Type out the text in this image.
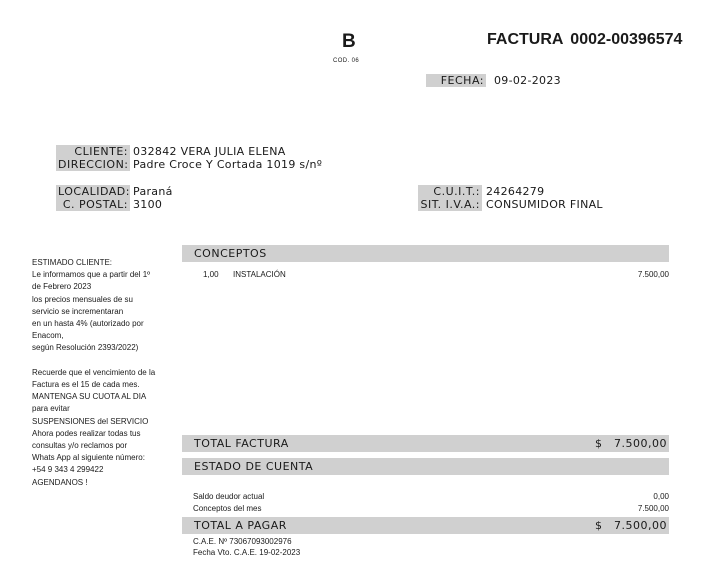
B
COD. 06
FACTURA 0002-00396574
FECHA: 09-02-2023
CLIENTE: 032842 VERA JULIA ELENA
DIRECCION: Padre Croce Y Cortada 1019 s/nº
LOCALIDAD: Paraná
C. POSTAL: 3100
C.U.I.T.: 24264279
SIT. I.V.A.: CONSUMIDOR FINAL
ESTIMADO CLIENTE:
Le informamos que a partir del 1º
de Febrero 2023
los precios mensuales de su
servicio se incrementaran
en un hasta 4% (autorizado por
Enacom,
según Resolución 2393/2022)
Recuerde que el vencimiento de la
Factura es el 15 de cada mes.
MANTENGA SU CUOTA AL DIA
para evitar
SUSPENSIONES del SERVICIO
Ahora podes realizar todas tus
consultas y/o reclamos por
Whats App al siguiente número:
+54 9 343 4 299422
AGENDANOS !
CONCEPTOS
1,00 INSTALACIÓN	7.500,00
TOTAL FACTURA	$ 7.500,00
ESTADO DE CUENTA
Saldo deudor actual	0,00
Conceptos del mes	7.500,00
TOTAL A PAGAR	$ 7.500,00
C.A.E. Nº 73067093002976
Fecha Vto. C.A.E. 19-02-2023
